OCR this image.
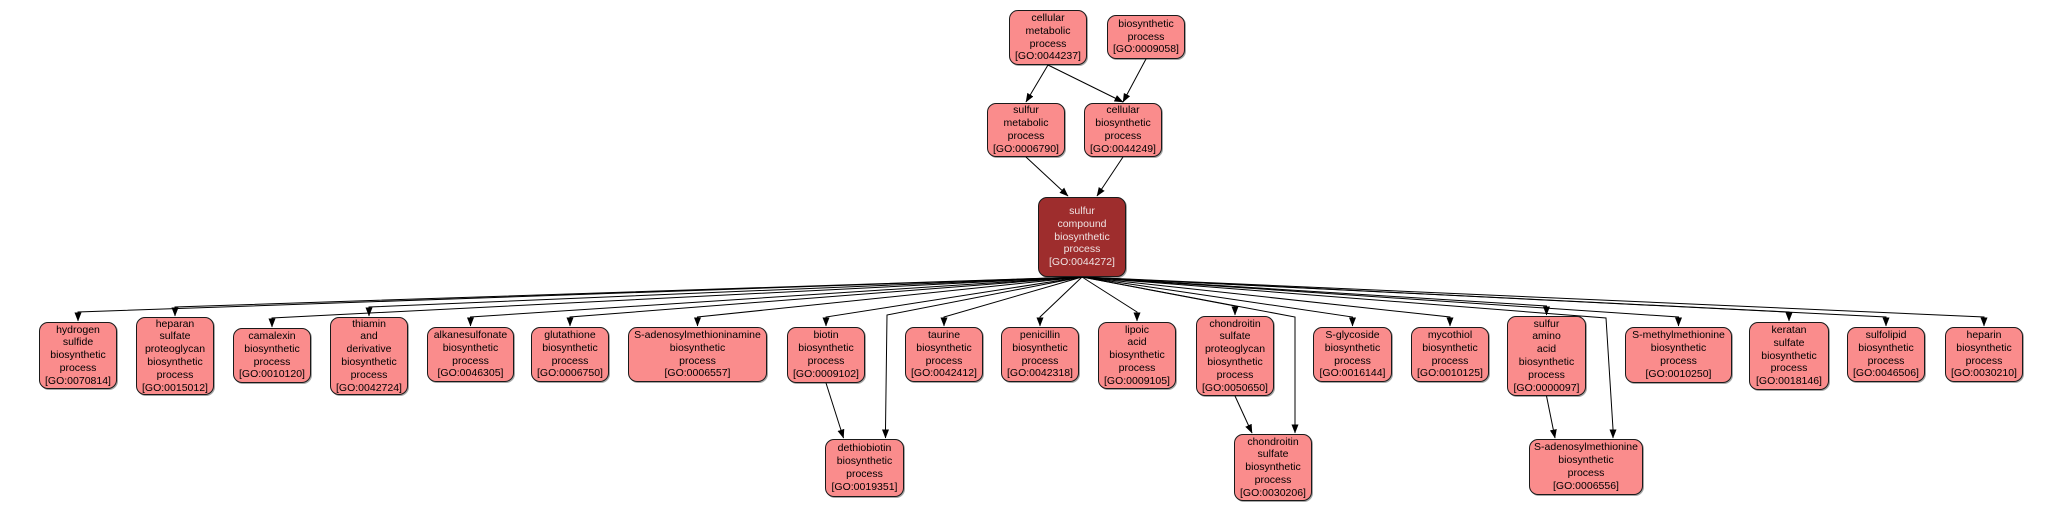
cellular
metabolic
process
[GO:0044237]
biosynthetic
process
[GO:0009058]
sulfur
metabolic
process
[GO:0006790]
cellular
biosynthetic
process
[GO:0044249]
sulfur
compound
biosynthetic
process
[GO:0044272]
hydrogen
sulfide
biosynthetic
process
[GO:0070814]
heparan
sulfate
proteoglycan
biosynthetic
process
[GO:0015012]
camalexin
biosynthetic
process
[GO:0010120]
thiamin
and
derivative
biosynthetic
process
[GO:0042724]
alkanesulfonate
biosynthetic
process
[GO:0046305]
glutathione
biosynthetic
process
[GO:0006750]
S-adenosylmethioninamine
biosynthetic
process
[GO:0006557]
biotin
biosynthetic
process
[GO:0009102]
taurine
biosynthetic
process
[GO:0042412]
penicillin
biosynthetic
process
[GO:0042318]
lipoic
acid
biosynthetic
process
[GO:0009105]
chondroitin
sulfate
proteoglycan
biosynthetic
process
[GO:0050650]
S-glycoside
biosynthetic
process
[GO:0016144]
mycothiol
biosynthetic
process
[GO:0010125]
sulfur
amino
acid
biosynthetic
process
[GO:0000097]
S-methylmethionine
biosynthetic
process
[GO:0010250]
keratan
sulfate
biosynthetic
process
[GO:0018146]
sulfolipid
biosynthetic
process
[GO:0046506]
heparin
biosynthetic
process
[GO:0030210]
dethiobiotin
biosynthetic
process
[GO:0019351]
chondroitin
sulfate
biosynthetic
process
[GO:0030206]
S-adenosylmethionine
biosynthetic
process
[GO:0006556]
